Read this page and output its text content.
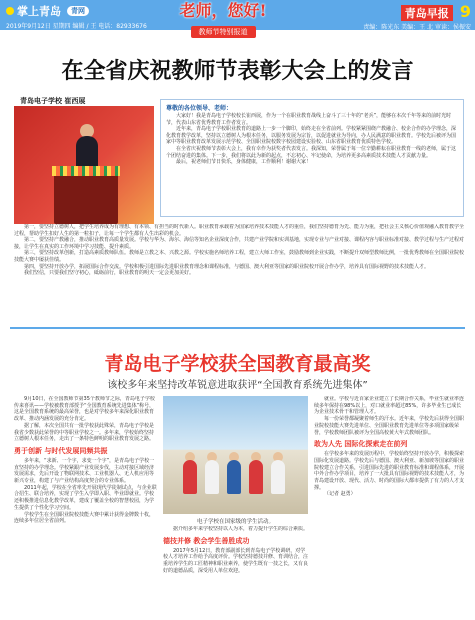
掌上青岛	青网
2019年9月12日 星期四 编辑 / 王 电话：82933676
老师，您好!
教师节特别报道
青岛早报 9
责编：陈光东 美编：王 北 审读：侯振安
在全省庆祝教师节表彰大会上的发言
青岛电子学校 崔西展
尊敬的各位领导、老师：

大家好！我是青岛电子学校校长崔西展，作为一个在职业教育战线上奋斗了三十年的“老兵”，能够在本次千年等来的前时光时节，代表山东省优秀教育工作者发言。

近年来，青岛电子学校职业教育的道路上一步一个脚印，始终走在全省前列。学校紧紧围绕产教融合、校企合作的办学理念，深化教育教学改革，坚持以立德树人为根本任务，以服务发展为宗旨，以促进就业为导向，办人民满意的职业教育。学校先后被评为国家中等职业教育改革发展示范学校、全国职业院校数字校园建设实验校、山东省职业教育优质特色学校。

在全省庆祝教师节表彰大会上，我有幸作为获奖者代表发言。我深知，荣誉属于每一位辛勤耕耘在职业教育一线的老师，属于这个团结奋进的集体。下一步，我们将以此为新的起点，不忘初心、牢记使命，为培养更多高素质技术技能人才贡献力量。

最后，祝老师们节日快乐，身体健康，工作顺利！谢谢大家！

第一，要坚持立德树人，把学生培养成为有理想、有本领、有担当的时代新人。职业教育承载着为国家培养技术技能人才的重任，我们坚持德育为先、能力为重，把社会主义核心价值观融入教育教学全过程，帮助学生扣好人生的第一粒扣子，让每一个学生都有人生出彩的机会。

第二，要坚持产教融合，推动职业教育高质量发展。学校与华为、海尔、海信等知名企业深度合作，共建产业学院和实训基地，实现专业与产业对接、课程内容与职业标准对接、教学过程与生产过程对接，让学生在真实的工作环境中学习技能、提升素质。

第三，要坚持改革创新，打造高素质教师队伍。教师是立教之本、兴教之源。学校实施名师培养工程，建立大师工作室，鼓励教师到企业实践，不断提升双师型教师比例，一批优秀教师在全国职业院校技能大赛中屡获佳绩。

第四，要坚持开放办学，拓展国际合作交流。学校积极引进国际先进职业教育理念和课程标准，与德国、澳大利亚等国家的职业院校开展合作办学，培养具有国际视野的技术技能人才。

我们坚信，只要我们坚守初心，砥砺前行，职业教育的明天一定会更加美好。

青岛电子学校获全国教育最高奖
该校多年来坚持改革锐意进取获评“全国教育系统先进集体”

9月10日，在全国教师节第35个教师节之际，青岛电子学校传来喜讯——学校被教育部授予“全国教育系统先进集体”称号，这是全国教育系统的最高荣誉，也是对学校多年来深化职业教育改革、推动内涵发展的充分肯定。

据了解，本次全国共有一批学校获此殊荣，青岛电子学校是我省少数获此荣誉的中等职业学校之一。多年来，学校始终坚持立德树人根本任务，走出了一条特色鲜明的职业教育发展之路。

勇于创新 与时代发展同频共振

多年来，“求新、一个字，求变一个字”，是青岛电子学校一直坚持的办学理念。学校紧跟产业发展步伐，主动对接区域经济发展需求，先后开设了物联网技术、工业机器人、无人机应用等新兴专业，构建了与产业结构高度契合的专业体系。

2011年起，学校在全省率先开展现代学徒制试点，与企业联合招生、联合培养，实现了学生入学即入职、毕业即就业。学校还积极推进信息化教学改革，建成了覆盖全校的智慧校园，为学生提供了个性化学习空间。

学校学生在全国职业院校技能大赛中累计获得金牌数十枚，连续多年位居全省前列。	电子学校在国家级的学生活动。

据介绍多年来学校坚持以人为本，着力提升学生的综合素质。

德技并修 教会学生善胜成功

2017年5月12日，教育部副部长到青岛电子学校调研，对学校人才培养工作给予高度评价。学校坚持德技并修、育训结合，注重培养学生的工匠精神和职业素养，使学生既有一技之长，又有良好的道德品质，深受用人单位欢迎。

就业。学校与近百家企业建立了长期合作关系，毕业生就业率连续多年保持在98%以上，对口就业率超过85%，许多毕业生已成长为企业技术骨干和管理人才。

每一份荣誉都凝聚着师生的汗水。近年来，学校先后获得全国职业院校技能大赛先进单位、全国职业教育先进单位等多项国家级荣誉，学校教师团队被评为全国高校黄大年式教师团队。

敢为人先 国际化探索走在前列

在学校多年来的发展历程中，学校始终坚持开放办学，积极探索国际化发展道路。学校先后与德国、澳大利亚、新加坡等国家的职业院校建立合作关系，引进国际先进的职业教育标准和课程体系，开展中外合作办学项目，培养了一大批具有国际视野的技术技能人才，为青岛建设开放、现代、活力、时尚的国际大都市提供了有力的人才支撑。

（记者 赵勇）
